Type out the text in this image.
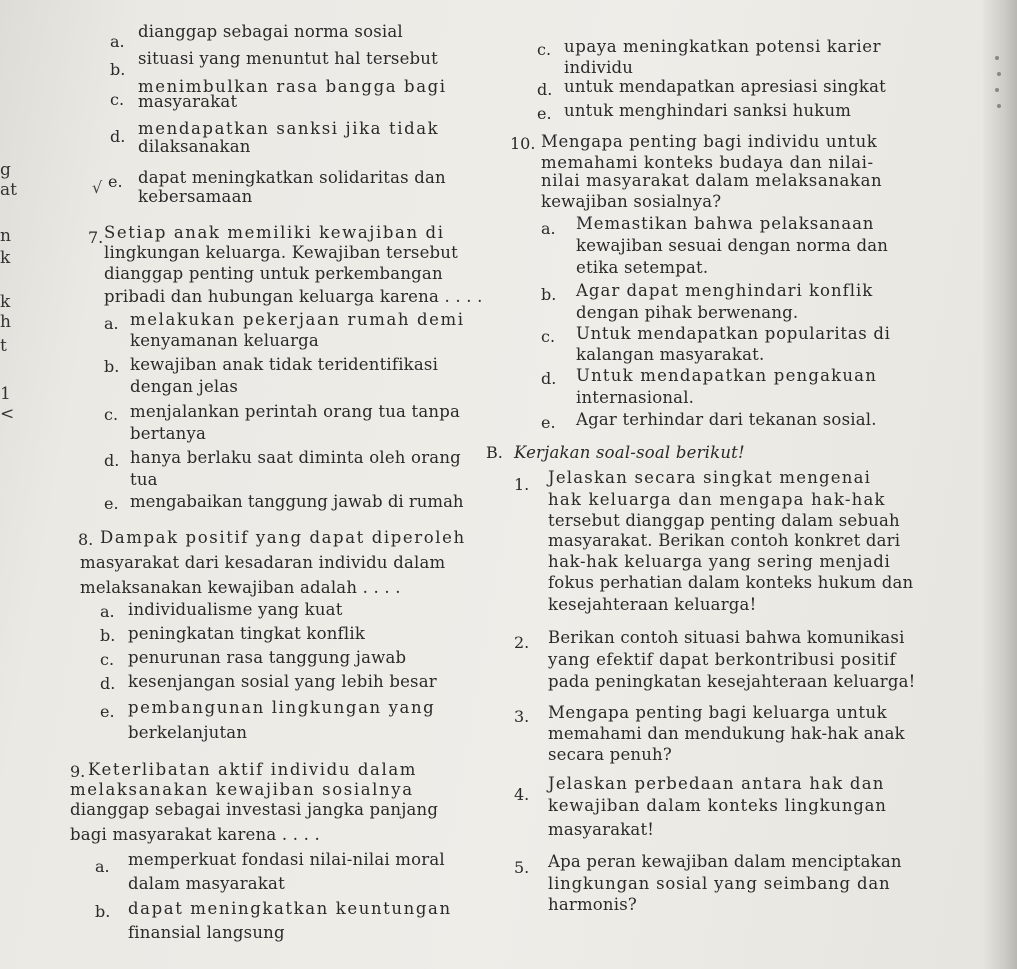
g
at
n
k
k
h
t
1
<
a.
dianggap sebagai norma sosial
b.
situasi yang menuntut hal tersebut
c.
menimbulkan rasa bangga bagi
masyarakat
d. mendapatkan sanksi jika tidak
dilaksanakan
√ e. dapat meningkatkan solidaritas dan
kebersamaan
7. Setiap anak memiliki kewajiban di
lingkungan keluarga. Kewajiban tersebut
dianggap penting untuk perkembangan
pribadi dan hubungan keluarga karena . . . .
a. melakukan pekerjaan rumah demi
kenyamanan keluarga
b. kewajiban anak tidak teridentifikasi
dengan jelas
c. menjalankan perintah orang tua tanpa
bertanya
d. hanya berlaku saat diminta oleh orang
tua
e. mengabaikan tanggung jawab di rumah
8. Dampak positif yang dapat diperoleh
masyarakat dari kesadaran individu dalam
melaksanakan kewajiban adalah . . . .
a. individualisme yang kuat
b. peningkatan tingkat konflik
c. penurunan rasa tanggung jawab
d. kesenjangan sosial yang lebih besar
e. pembangunan lingkungan yang
berkelanjutan
9. Keterlibatan aktif individu dalam
melaksanakan kewajiban sosialnya
dianggap sebagai investasi jangka panjang
bagi masyarakat karena . . . .
a. memperkuat fondasi nilai-nilai moral
dalam masyarakat
b. dapat meningkatkan keuntungan
finansial langsung
c. upaya meningkatkan potensi karier
individu
d. untuk mendapatkan apresiasi singkat
e. untuk menghindari sanksi hukum
10. Mengapa penting bagi individu untuk
memahami konteks budaya dan nilai-
nilai masyarakat dalam melaksanakan
kewajiban sosialnya?
a. Memastikan bahwa pelaksanaan
kewajiban sesuai dengan norma dan
etika setempat.
b. Agar dapat menghindari konflik
dengan pihak berwenang.
c. Untuk mendapatkan popularitas di
kalangan masyarakat.
d. Untuk mendapatkan pengakuan
internasional.
e. Agar terhindar dari tekanan sosial.
B. Kerjakan soal-soal berikut!
1. Jelaskan secara singkat mengenai
hak keluarga dan mengapa hak-hak
tersebut dianggap penting dalam sebuah
masyarakat. Berikan contoh konkret dari
hak-hak keluarga yang sering menjadi
fokus perhatian dalam konteks hukum dan
kesejahteraan keluarga!
2. Berikan contoh situasi bahwa komunikasi
yang efektif dapat berkontribusi positif
pada peningkatan kesejahteraan keluarga!
3. Mengapa penting bagi keluarga untuk
memahami dan mendukung hak-hak anak
secara penuh?
4.
Jelaskan perbedaan antara hak dan
kewajiban dalam konteks lingkungan
masyarakat!
5. Apa peran kewajiban dalam menciptakan
lingkungan sosial yang seimbang dan
harmonis?
